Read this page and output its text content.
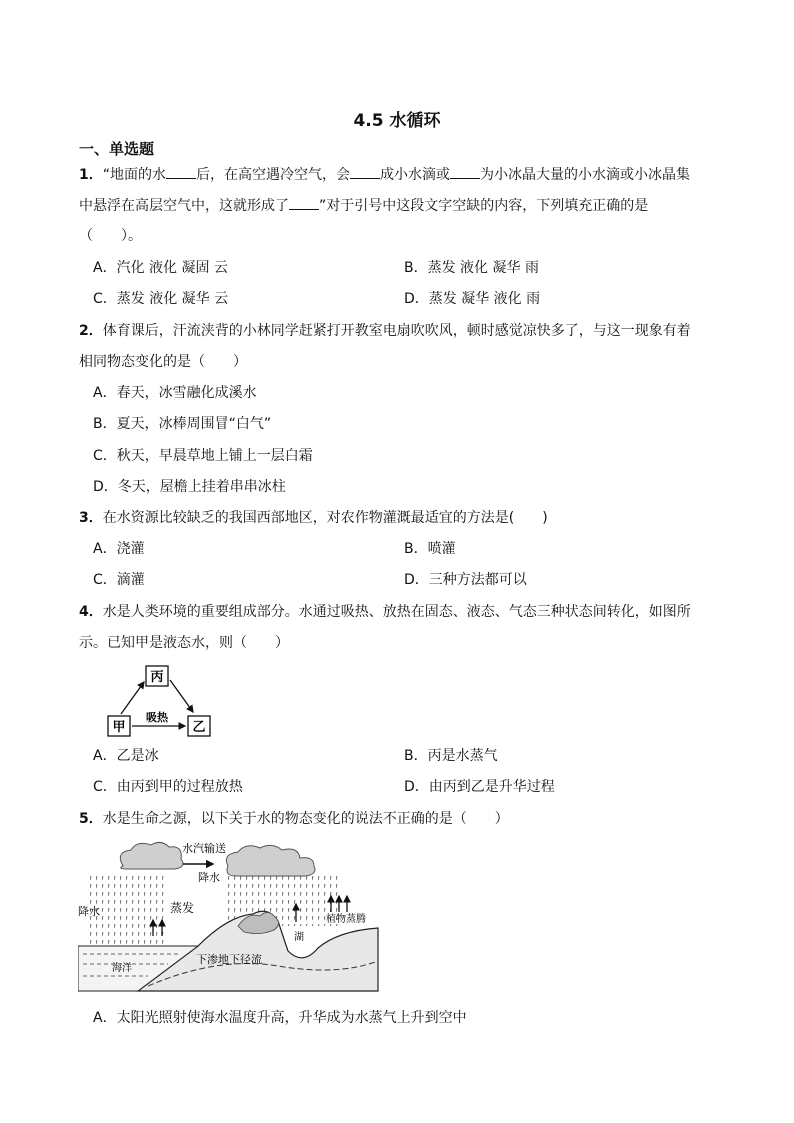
4.5 水循环
一、单选题
1．“地面的水 后，在高空遇冷空气，会 成小水滴或 为小冰晶大量的小水滴或小冰晶集
中悬浮在高层空气中，这就形成了 ”对于引号中这段文字空缺的内容，下列填充正确的是
（　　）。
A．汽化 液化 凝固 云	B．蒸发 液化 凝华 雨
C．蒸发 液化 凝华 云	D．蒸发 凝华 液化 雨
2．体育课后，汗流浃背的小林同学赶紧打开教室电扇吹吹风，顿时感觉凉快多了，与这一现象有着
相同物态变化的是（　　）
A．春天，冰雪融化成溪水
B．夏天，冰棒周围冒“白气”
C．秋天，早晨草地上铺上一层白霜
D．冬天，屋檐上挂着串串冰柱
3．在水资源比较缺乏的我国西部地区，对农作物灌溉最适宜的方法是(　　)
A．浇灌	B．喷灌
C．滴灌	D．三种方法都可以
4．水是人类环境的重要组成部分。水通过吸热、放热在固态、液态、气态三种状态间转化，如图所
示。已知甲是液态水，则（　　）
丙
甲	乙
吸热
A．乙是冰	B．丙是水蒸气
C．由丙到甲的过程放热	D．由丙到乙是升华过程
5．水是生命之源，以下关于水的物态变化的说法不正确的是（　　）
水汽输送
降水
降水	蒸发
湖
植物蒸腾
海洋
下渗地下径流
A．太阳光照射使海水温度升高，升华成为水蒸气上升到空中
